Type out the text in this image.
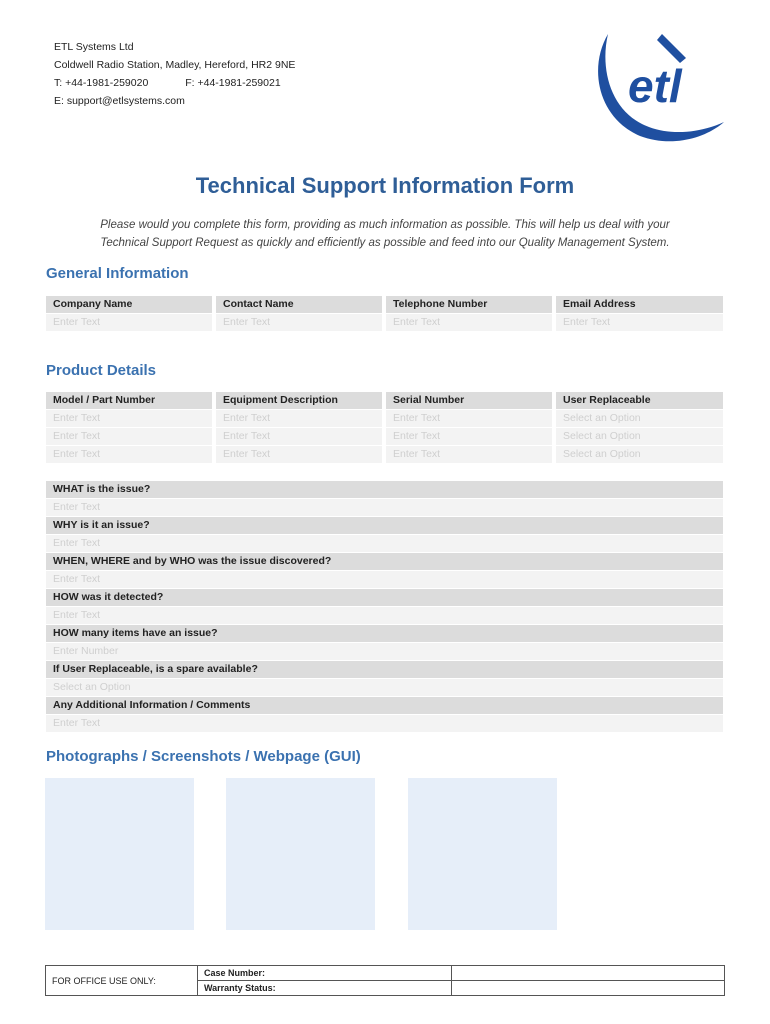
ETL Systems Ltd
Coldwell Radio Station, Madley, Hereford, HR2 9NE
T: +44-1981-259020	F: +44-1981-259021
E: support@etlsystems.com	etl
Technical Support Information Form
Please would you complete this form, providing as much information as possible. This will help us deal with your
Technical Support Request as quickly and efficiently as possible and feed into our Quality Management System.
General Information
Company Name	Contact Name	Telephone Number	Email Address
Enter Text	Enter Text	Enter Text	Enter Text
Product Details
Model / Part Number	Equipment Description	Serial Number	User Replaceable
Enter Text	Enter Text	Enter Text	Select an Option
Enter Text	Enter Text	Enter Text	Select an Option
Enter Text	Enter Text	Enter Text	Select an Option
WHAT is the issue?
Enter Text
WHY is it an issue?
Enter Text
WHEN, WHERE and by WHO was the issue discovered?
Enter Text
HOW was it detected?
Enter Text
HOW many items have an issue?
Enter Number
If User Replaceable, is a spare available?
Select an Option
Any Additional Information / Comments
Enter Text
Photographs / Screenshots / Webpage (GUI)
FOR OFFICE USE ONLY:	Case Number:	
	Warranty Status:	
